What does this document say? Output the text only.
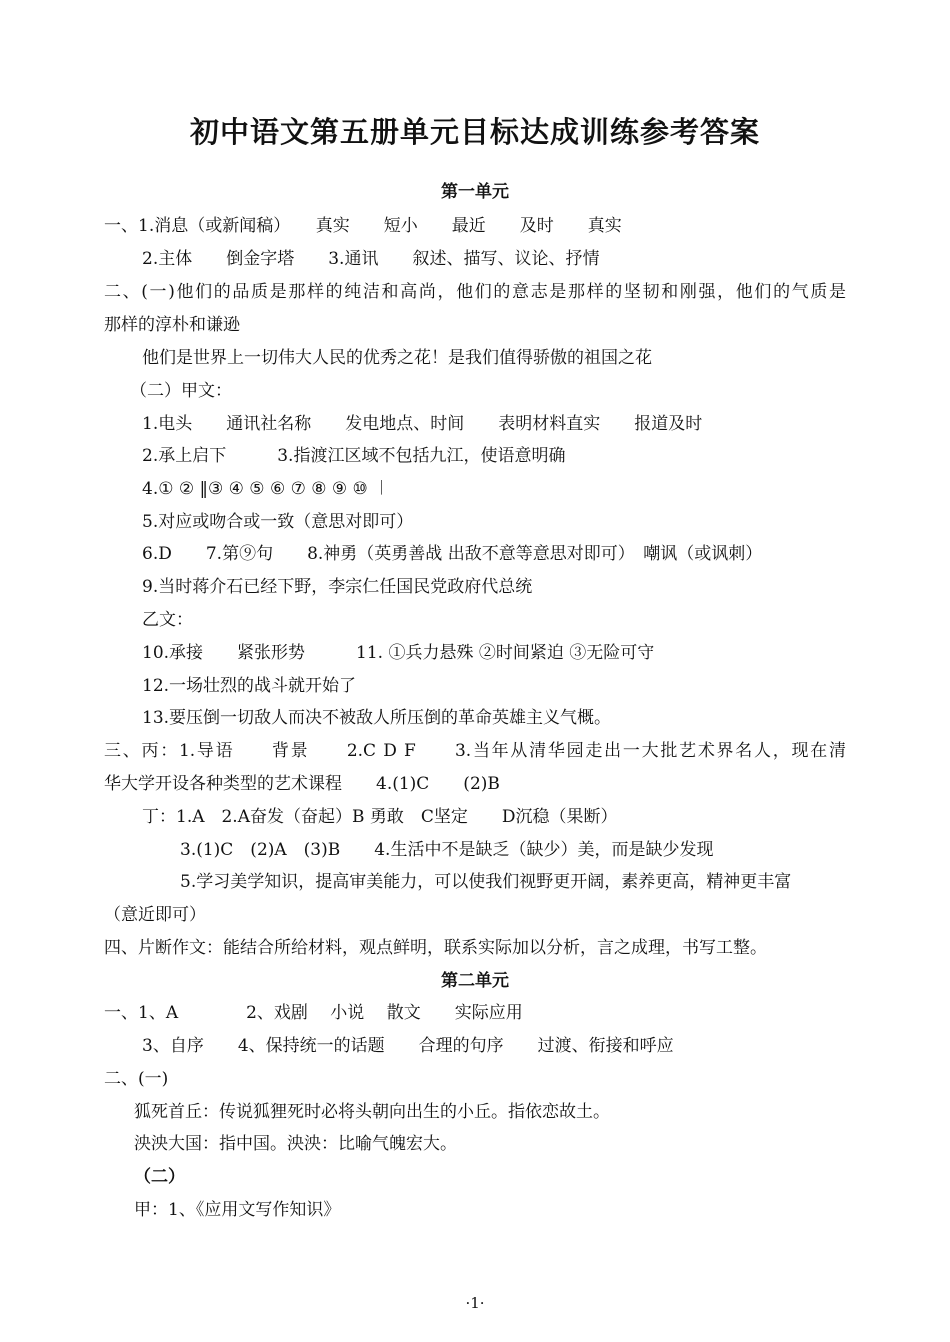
初中语文第五册单元目标达成训练参考答案
第一单元
一、1.消息（或新闻稿）　　真实　　短小　　最近　　及时　　真实
2.主体　　倒金字塔　　3.通讯　　叙述、描写、议论、抒情
二、(一)他们的品质是那样的纯洁和高尚，他们的意志是那样的坚韧和刚强，他们的气质是
那样的淳朴和谦逊
他们是世界上一切伟大人民的优秀之花！是我们值得骄傲的祖国之花
（二）甲文：
1.电头　　通讯社名称　　发电地点、时间　　表明材料直实　　报道及时
2.承上启下　　　3.指渡江区域不包括九江，使语意明确
4.① ② ‖③ ④ ⑤ ⑥ ⑦ ⑧ ⑨ ⑩ ︱
5.对应或吻合或一致（意思对即可）
6.D　　7.第⑨句　　8.神勇（英勇善战 出敌不意等意思对即可）　嘲讽（或讽刺）
9.当时蒋介石已经下野，李宗仁任国民党政府代总统
乙文：
10.承接　　紧张形势　　　11. ①兵力悬殊 ②时间紧迫 ③无险可守
12.一场壮烈的战斗就开始了
13.要压倒一切敌人而决不被敌人所压倒的革命英雄主义气概。
三、丙：1.导语　　背景　　2.C D F　　3.当年从清华园走出一大批艺术界名人，现在清
华大学开设各种类型的艺术课程　　4.(1)C　　(2)B
丁：1.A　2.A奋发（奋起）B 勇敢　C坚定　　D沉稳（果断）
3.(1)C　(2)A　(3)B　　4.生活中不是缺乏（缺少）美，而是缺少发现
5.学习美学知识，提高审美能力，可以使我们视野更开阔，素养更高，精神更丰富
（意近即可）
四、片断作文：能结合所给材料，观点鲜明，联系实际加以分析，言之成理，书写工整。
第二单元
一、1、A　　　　2、戏剧　 小说　 散文　　实际应用
3、自序　　4、保持统一的话题　　合理的句序　　过渡、衔接和呼应
二、(一)
狐死首丘：传说狐狸死时必将头朝向出生的小丘。指依恋故土。
泱泱大国：指中国。泱泱：比喻气魄宏大。
（二）
甲：1、《应用文写作知识》
·1·
